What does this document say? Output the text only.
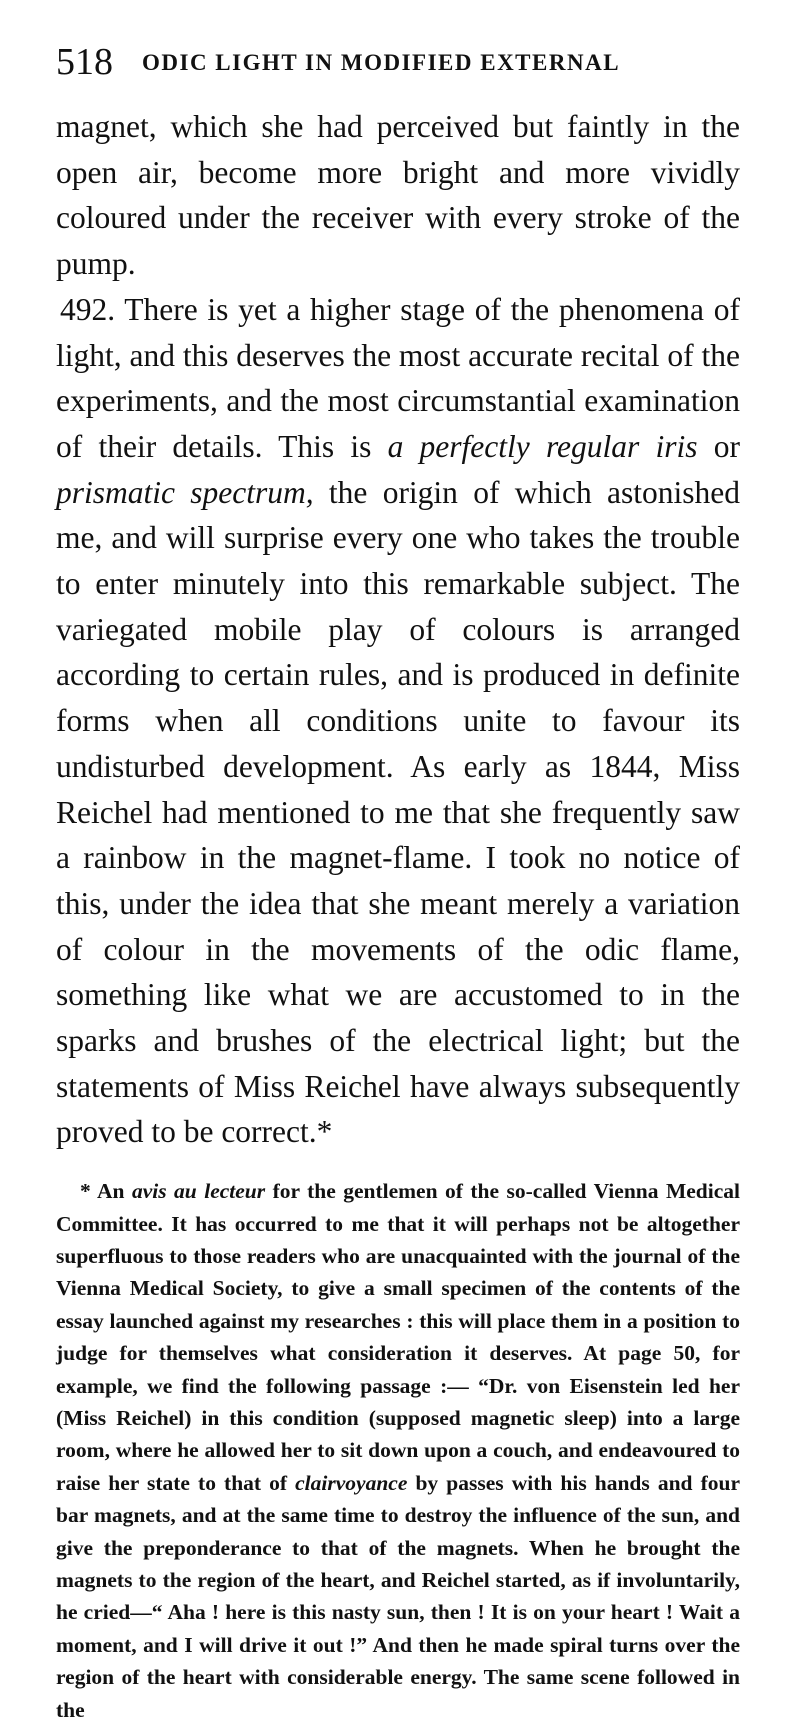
518 ODIC LIGHT IN MODIFIED EXTERNAL

magnet, which she had perceived but faintly in the open air, become more bright and more vividly coloured under the receiver with every stroke of the pump.

492. There is yet a higher stage of the phenomena of light, and this deserves the most accurate recital of the experiments, and the most circumstantial examination of their details. This is a perfectly regular iris or prismatic spectrum, the origin of which astonished me, and will surprise every one who takes the trouble to enter minutely into this remarkable subject. The variegated mobile play of colours is arranged according to certain rules, and is produced in definite forms when all conditions unite to favour its undisturbed development. As early as 1844, Miss Reichel had mentioned to me that she frequently saw a rainbow in the magnet-flame. I took no notice of this, under the idea that she meant merely a variation of colour in the movements of the odic flame, something like what we are accustomed to in the sparks and brushes of the electrical light; but the statements of Miss Reichel have always subsequently proved to be correct.*

* An avis au lecteur for the gentlemen of the so-called Vienna Medical Committee. It has occurred to me that it will perhaps not be altogether superfluous to those readers who are unacquainted with the journal of the Vienna Medical Society, to give a small specimen of the contents of the essay launched against my researches : this will place them in a position to judge for themselves what consideration it deserves. At page 50, for example, we find the following passage :— “Dr. von Eisenstein led her (Miss Reichel) in this condition (supposed magnetic sleep) into a large room, where he allowed her to sit down upon a couch, and endeavoured to raise her state to that of clairvoyance by passes with his hands and four bar magnets, and at the same time to destroy the influence of the sun, and give the preponderance to that of the magnets. When he brought the magnets to the region of the heart, and Reichel started, as if involuntarily, he cried—“ Aha ! here is this nasty sun, then ! It is on your heart ! Wait a moment, and I will drive it out !” And then he made spiral turns over the region of the heart with considerable energy. The same scene followed in the
